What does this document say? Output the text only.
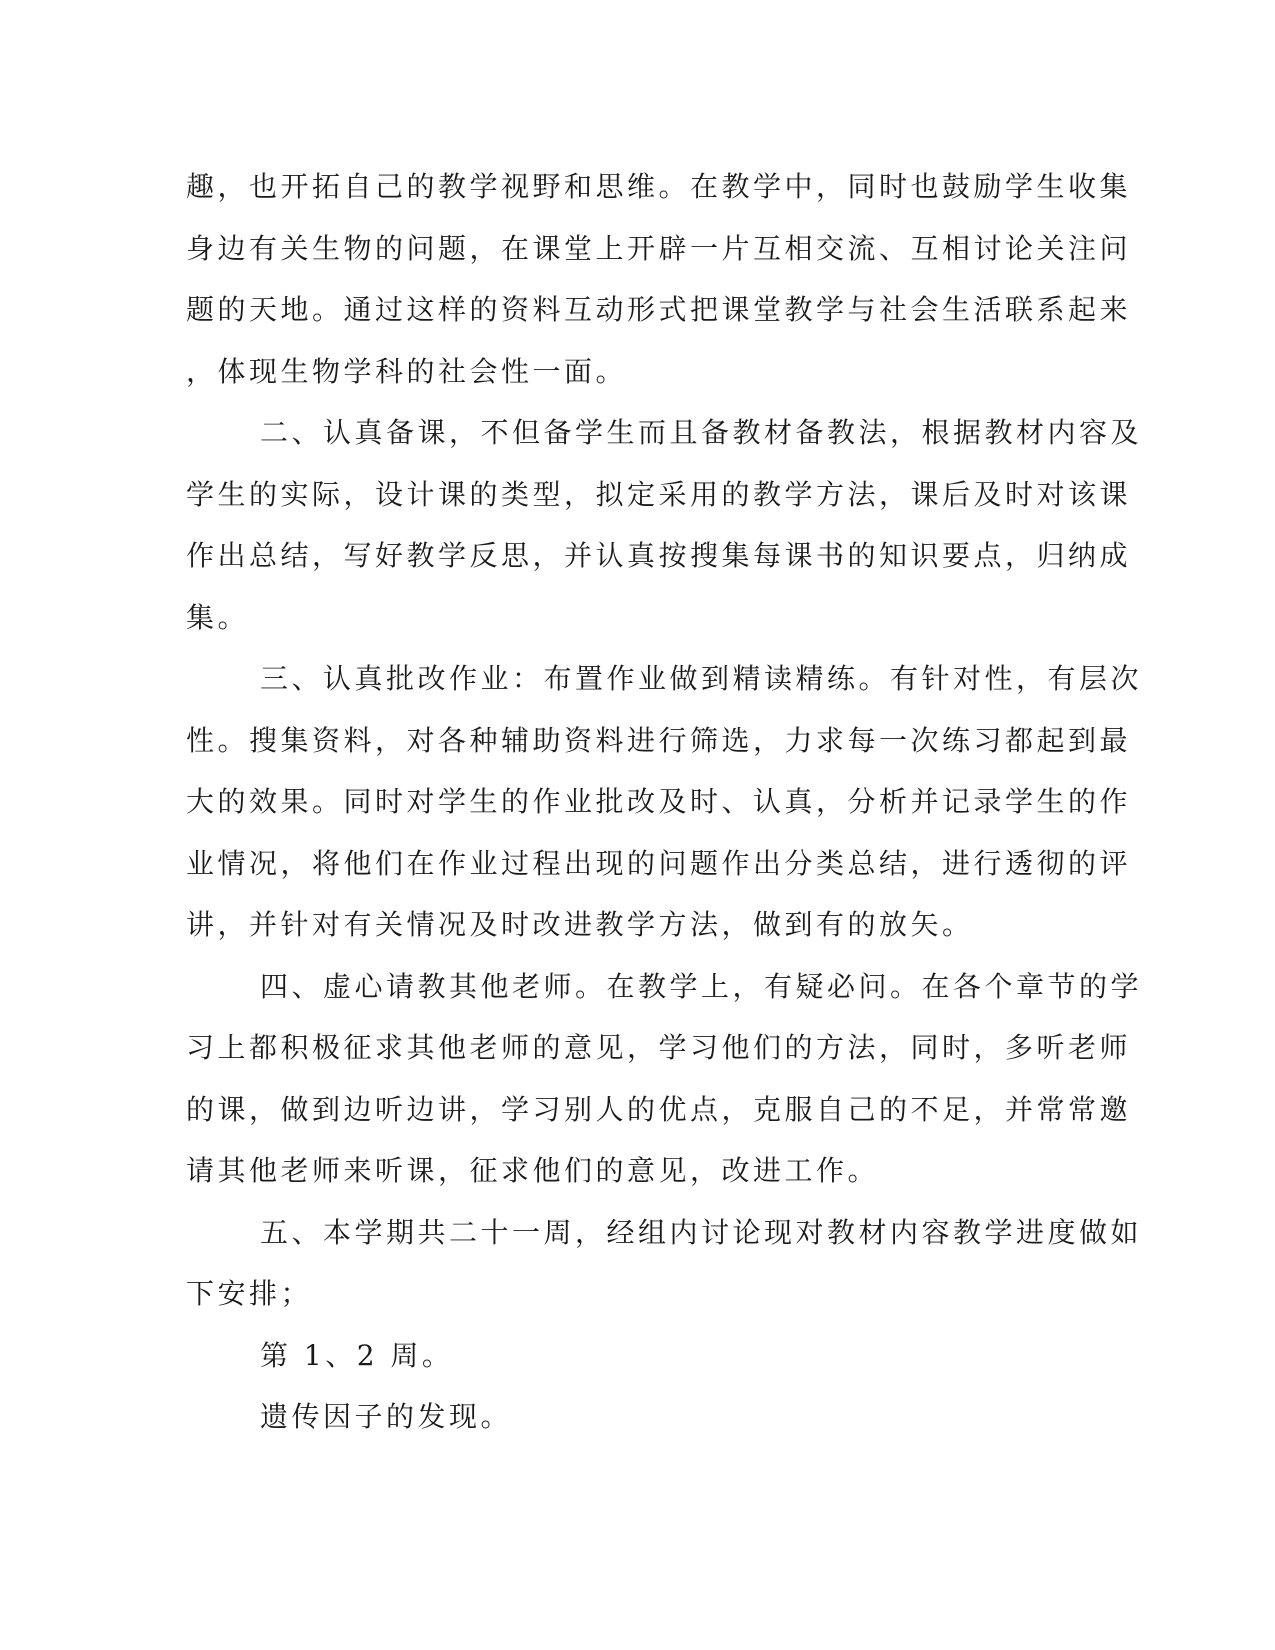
趣，也开拓自己的教学视野和思维。在教学中，同时也鼓励学生收集
身边有关生物的问题，在课堂上开辟一片互相交流、互相讨论关注问
题的天地。通过这样的资料互动形式把课堂教学与社会生活联系起来
，体现生物学科的社会性一面。
二、认真备课，不但备学生而且备教材备教法，根据教材内容及
学生的实际，设计课的类型，拟定采用的教学方法，课后及时对该课
作出总结，写好教学反思，并认真按搜集每课书的知识要点，归纳成
集。
三、认真批改作业：布置作业做到精读精练。有针对性，有层次
性。搜集资料，对各种辅助资料进行筛选，力求每一次练习都起到最
大的效果。同时对学生的作业批改及时、认真，分析并记录学生的作
业情况，将他们在作业过程出现的问题作出分类总结，进行透彻的评
讲，并针对有关情况及时改进教学方法，做到有的放矢。
四、虚心请教其他老师。在教学上，有疑必问。在各个章节的学
习上都积极征求其他老师的意见，学习他们的方法，同时，多听老师
的课，做到边听边讲，学习别人的优点，克服自己的不足，并常常邀
请其他老师来听课，征求他们的意见，改进工作。
五、本学期共二十一周，经组内讨论现对教材内容教学进度做如
下安排；
第 1、2 周。
遗传因子的发现。
